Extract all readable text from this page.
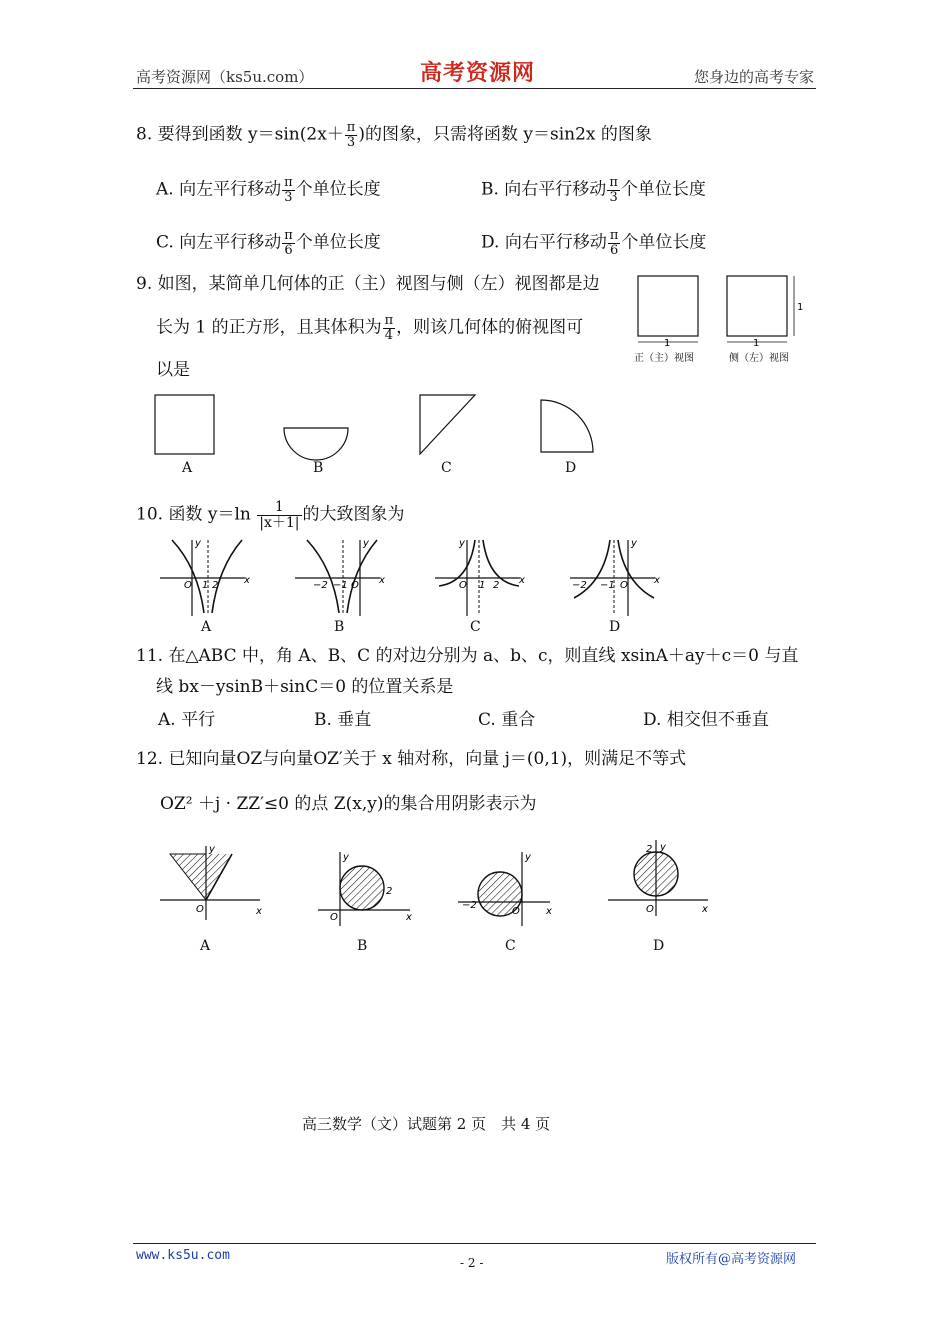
高考资源网（ks5u.com）	高考资源网	您身边的高考专家
8. 要得到函数 $y=\sin(2x+ \frac{\pi}{3}$ )的图象，只需将函数 y＝sin2x 的图象
A. 向左平行移动 $\frac{\pi}{3}$ 个单位长度	B. 向右平行移动 $\frac{\pi}{3}$ 个单位长度
C. 向左平行移动 $\frac{\pi}{6}$ 个单位长度	D. 向右平行移动 $\frac{\pi}{6}$ 个单位长度
9. 如图，某简单几何体的正（主）视图与侧（左）视图都是边
长为 1 的正方形，且其体积为 $\frac{\pi}{4}$ ，则该几何体的俯视图可
以是
1	1
1
正（主）视图	侧（左）视图
A	B	C	D
10. 函数 $y=\ln \frac{1}{|x+1|}$ 的大致图象为
y
x
O 1 2
y
x
−2 −1 O
y
x
O 1 2
y
x
−2 −1 O
A	B	C	D
11. 在△ABC 中，角 A、B、C 的对边分别为 a、b、c，则直线 xsinA＋ay＋c＝0 与直
线 bx－ysinB＋sinC＝0 的位置关系是
A. 平行	B. 垂直	C. 重合	D. 相交但不垂直
12. 已知向量OZ与向量OZ′关于 x 轴对称，向量 j＝(0,1)，则满足不等式
OZ² ＋j · ZZ′≤0 的点 Z(x,y)的集合用阴影表示为
y
x
O
y
x
O
2
y
x
O
−2
y
x
O
2
A	B	C	D
高三数学（文）试题第 2 页　共 4 页
www.ks5u.com	- 2 -	版权所有@高考资源网
